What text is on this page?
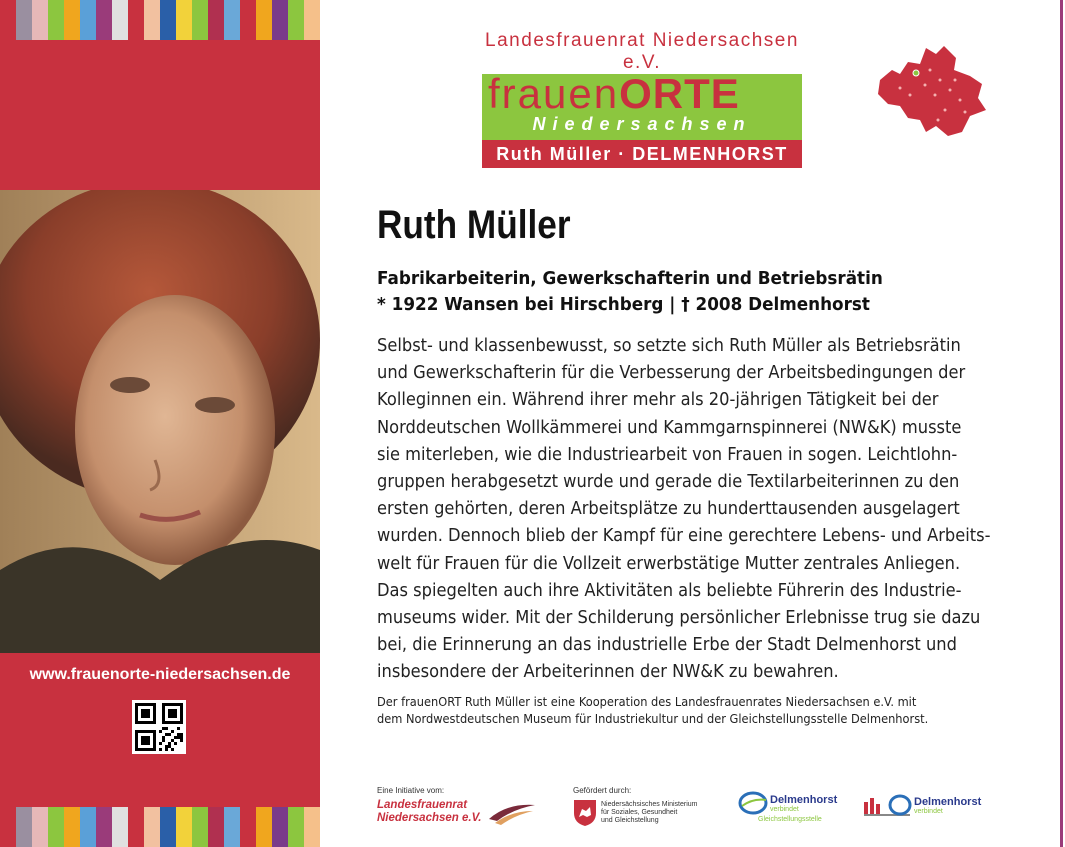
www.frauenorte-niedersachsen.de
Landesfrauenrat Niedersachsen e.V.
frauenORTE
Niedersachsen
Ruth Müller · DELMENHORST
Ruth Müller
Fabrikarbeiterin, Gewerkschafterin und Betriebsrätin
* 1922 Wansen bei Hirschberg | † 2008 Delmenhorst
Selbst- und klassenbewusst, so setzte sich Ruth Müller als Betriebsrätin
und Gewerkschafterin für die Verbesserung der Arbeitsbedingungen der
Kolleginnen ein. Während ihrer mehr als 20-jährigen Tätigkeit bei der
Norddeutschen Wollkämmerei und Kammgarnspinnerei (NW&K) musste
sie miterleben, wie die Industriearbeit von Frauen in sogen. Leichtlohn-
gruppen herabgesetzt wurde und gerade die Textilarbeiterinnen zu den
ersten gehörten, deren Arbeitsplätze zu hunderttausenden ausgelagert
wurden. Dennoch blieb der Kampf für eine gerechtere Lebens- und Arbeits-
welt für Frauen für die Vollzeit erwerbstätige Mutter zentrales Anliegen.
Das spiegelten auch ihre Aktivitäten als beliebte Führerin des Industrie-
museums wider. Mit der Schilderung persönlicher Erlebnisse trug sie dazu
bei, die Erinnerung an das industrielle Erbe der Stadt Delmenhorst und
insbesondere der Arbeiterinnen der NW&K zu bewahren.
Der frauenORT Ruth Müller ist eine Kooperation des Landesfrauenrates Niedersachsen e.V. mit
dem Nordwestdeutschen Museum für Industriekultur und der Gleichstellungsstelle Delmenhorst.
Eine Initiative vom:
Landesfrauenrat
Niedersachsen e.V.
Gefördert durch:
Niedersächsisches Ministerium
für Soziales, Gesundheit
und Gleichstellung
Delmenhorst
verbindet
Gleichstellungsstelle
Delmenhorst
verbindet
